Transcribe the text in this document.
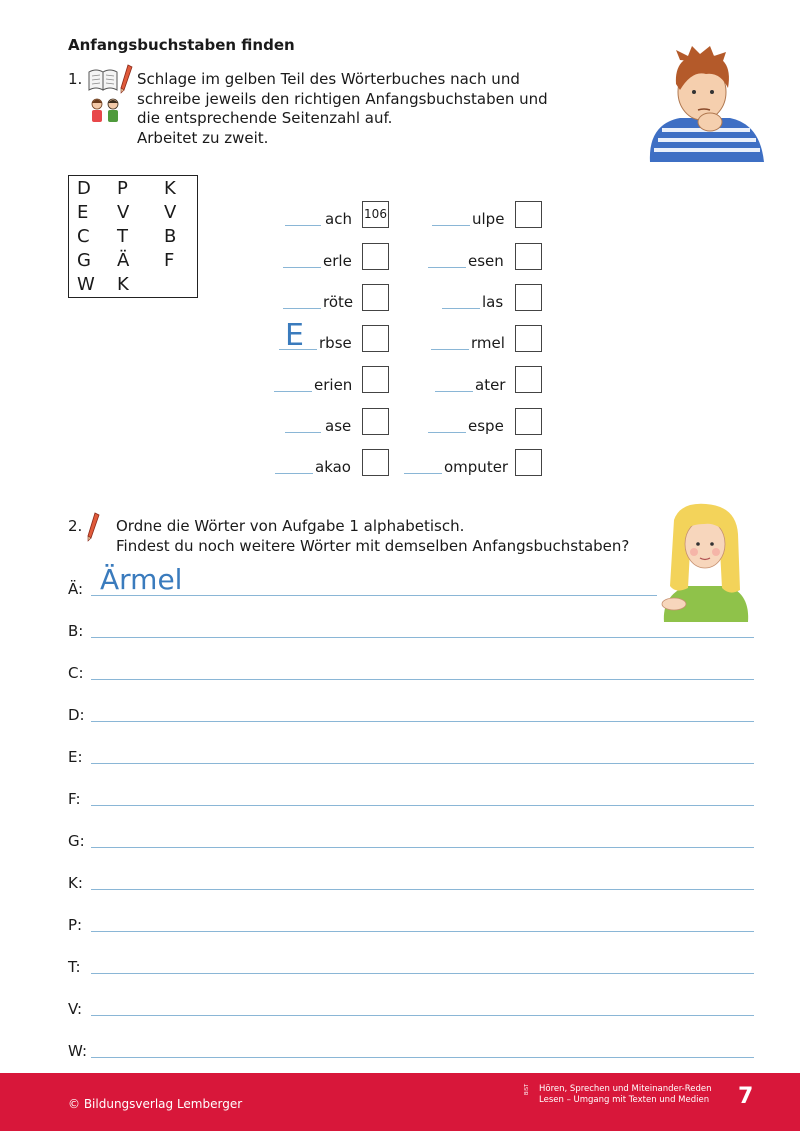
Anfangsbuchstaben finden
1.	Schlage im gelben Teil des Wörterbuches nach und
schreibe jeweils den richtigen Anfangsbuchstaben und
die entsprechende Seitenzahl auf.
Arbeitet zu zweit.
D	P	K
E	V	V
C	T	B
G	Ä	F
W K
ach 106
erle
röte
E rbse
erien
ase
akao
ulpe
esen
las
rmel
ater
espe
omputer
2. Ordne die Wörter von Aufgabe 1 alphabetisch.
Findest du noch weitere Wörter mit demselben Anfangsbuchstaben?
Ä: Ärmel
B:
C:
D:
E:
F:
G:
K:
P:
T:
V:
W:
© Bildungsverlag Lemberger
BiST	Hören, Sprechen und Miteinander-Reden
Lesen – Umgang mit Texten und Medien 7
